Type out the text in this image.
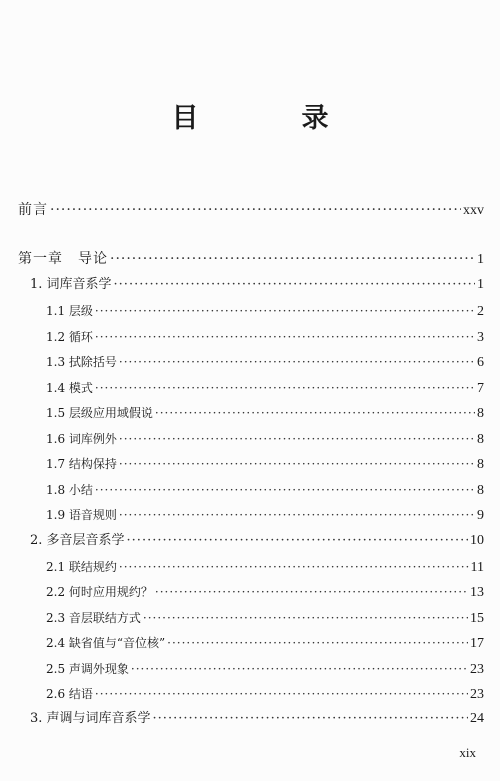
目　录
前言 ·····	xxv
第一章　导论 ·····	1
1. 词库音系学 ·····	1
1.1 层级 ·····	2
1.2 循环 ·····	3
1.3 拭除括号 ·····	6
1.4 模式 ·····	7
1.5 层级应用域假说 ·····	8
1.6 词库例外 ·····	8
1.7 结构保持 ·····	8
1.8 小结 ·····	8
1.9 语音规则 ·····	9
2. 多音层音系学 ·····	10
2.1 联结规约 ·····	11
2.2 何时应用规约？ ·····	13
2.3 音层联结方式 ·····	15
2.4 缺省值与“音位核” ·····	17
2.5 声调外现象 ·····	23
2.6 结语 ·····	23
3. 声调与词库音系学 ·····	24
xix
